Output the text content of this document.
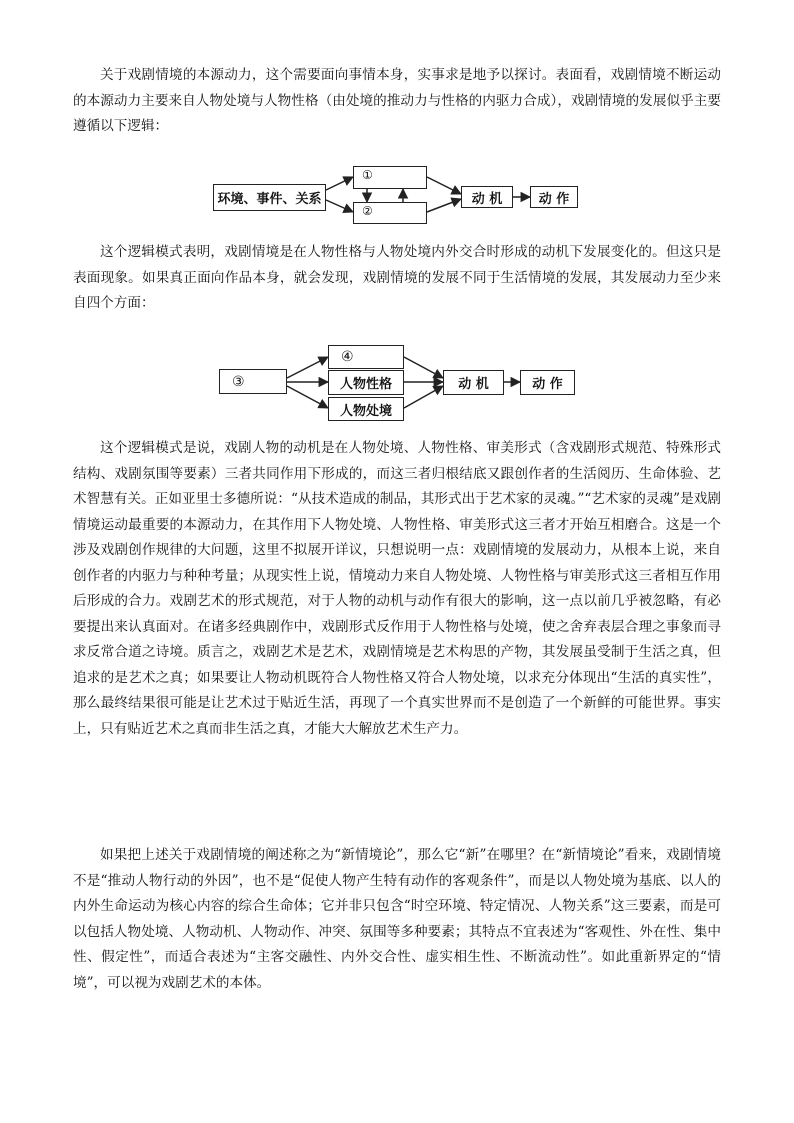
关于戏剧情境的本源动力，这个需要面向事情本身，实事求是地予以探讨。表面看，戏剧情境不断运动的本源动力主要来自人物处境与人物性格（由处境的推动力与性格的内驱力合成），戏剧情境的发展似乎主要遵循以下逻辑：

环境、事件、关系
①
②
动 机	动 作

这个逻辑模式表明，戏剧情境是在人物性格与人物处境内外交合时形成的动机下发展变化的。但这只是表面现象。如果真正面向作品本身，就会发现，戏剧情境的发展不同于生活情境的发展，其发展动力至少来自四个方面：

③
④
人物性格
人物处境
动 机	动 作

这个逻辑模式是说，戏剧人物的动机是在人物处境、人物性格、审美形式（含戏剧形式规范、特殊形式结构、戏剧氛围等要素）三者共同作用下形成的，而这三者归根结底又跟创作者的生活阅历、生命体验、艺术智慧有关。正如亚里士多德所说：“从技术造成的制品，其形式出于艺术家的灵魂。”“艺术家的灵魂”是戏剧情境运动最重要的本源动力，在其作用下人物处境、人物性格、审美形式这三者才开始互相磨合。这是一个涉及戏剧创作规律的大问题，这里不拟展开详议，只想说明一点：戏剧情境的发展动力，从根本上说，来自创作者的内驱力与种种考量；从现实性上说，情境动力来自人物处境、人物性格与审美形式这三者相互作用后形成的合力。戏剧艺术的形式规范，对于人物的动机与动作有很大的影响，这一点以前几乎被忽略，有必要提出来认真面对。在诸多经典剧作中，戏剧形式反作用于人物性格与处境，使之舍弃表层合理之事象而寻求反常合道之诗境。质言之，戏剧艺术是艺术，戏剧情境是艺术构思的产物，其发展虽受制于生活之真，但追求的是艺术之真；如果要让人物动机既符合人物性格又符合人物处境，以求充分体现出“生活的真实性”，那么最终结果很可能是让艺术过于贴近生活，再现了一个真实世界而不是创造了一个新鲜的可能世界。事实上，只有贴近艺术之真而非生活之真，才能大大解放艺术生产力。

如果把上述关于戏剧情境的阐述称之为“新情境论”，那么它“新”在哪里？在“新情境论”看来，戏剧情境不是“推动人物行动的外因”，也不是“促使人物产生特有动作的客观条件”，而是以人物处境为基底、以人的内外生命运动为核心内容的综合生命体；它并非只包含“时空环境、特定情况、人物关系”这三要素，而是可以包括人物处境、人物动机、人物动作、冲突、氛围等多种要素；其特点不宜表述为“客观性、外在性、集中性、假定性”，而适合表述为“主客交融性、内外交合性、虚实相生性、不断流动性”。如此重新界定的“情境”，可以视为戏剧艺术的本体。
